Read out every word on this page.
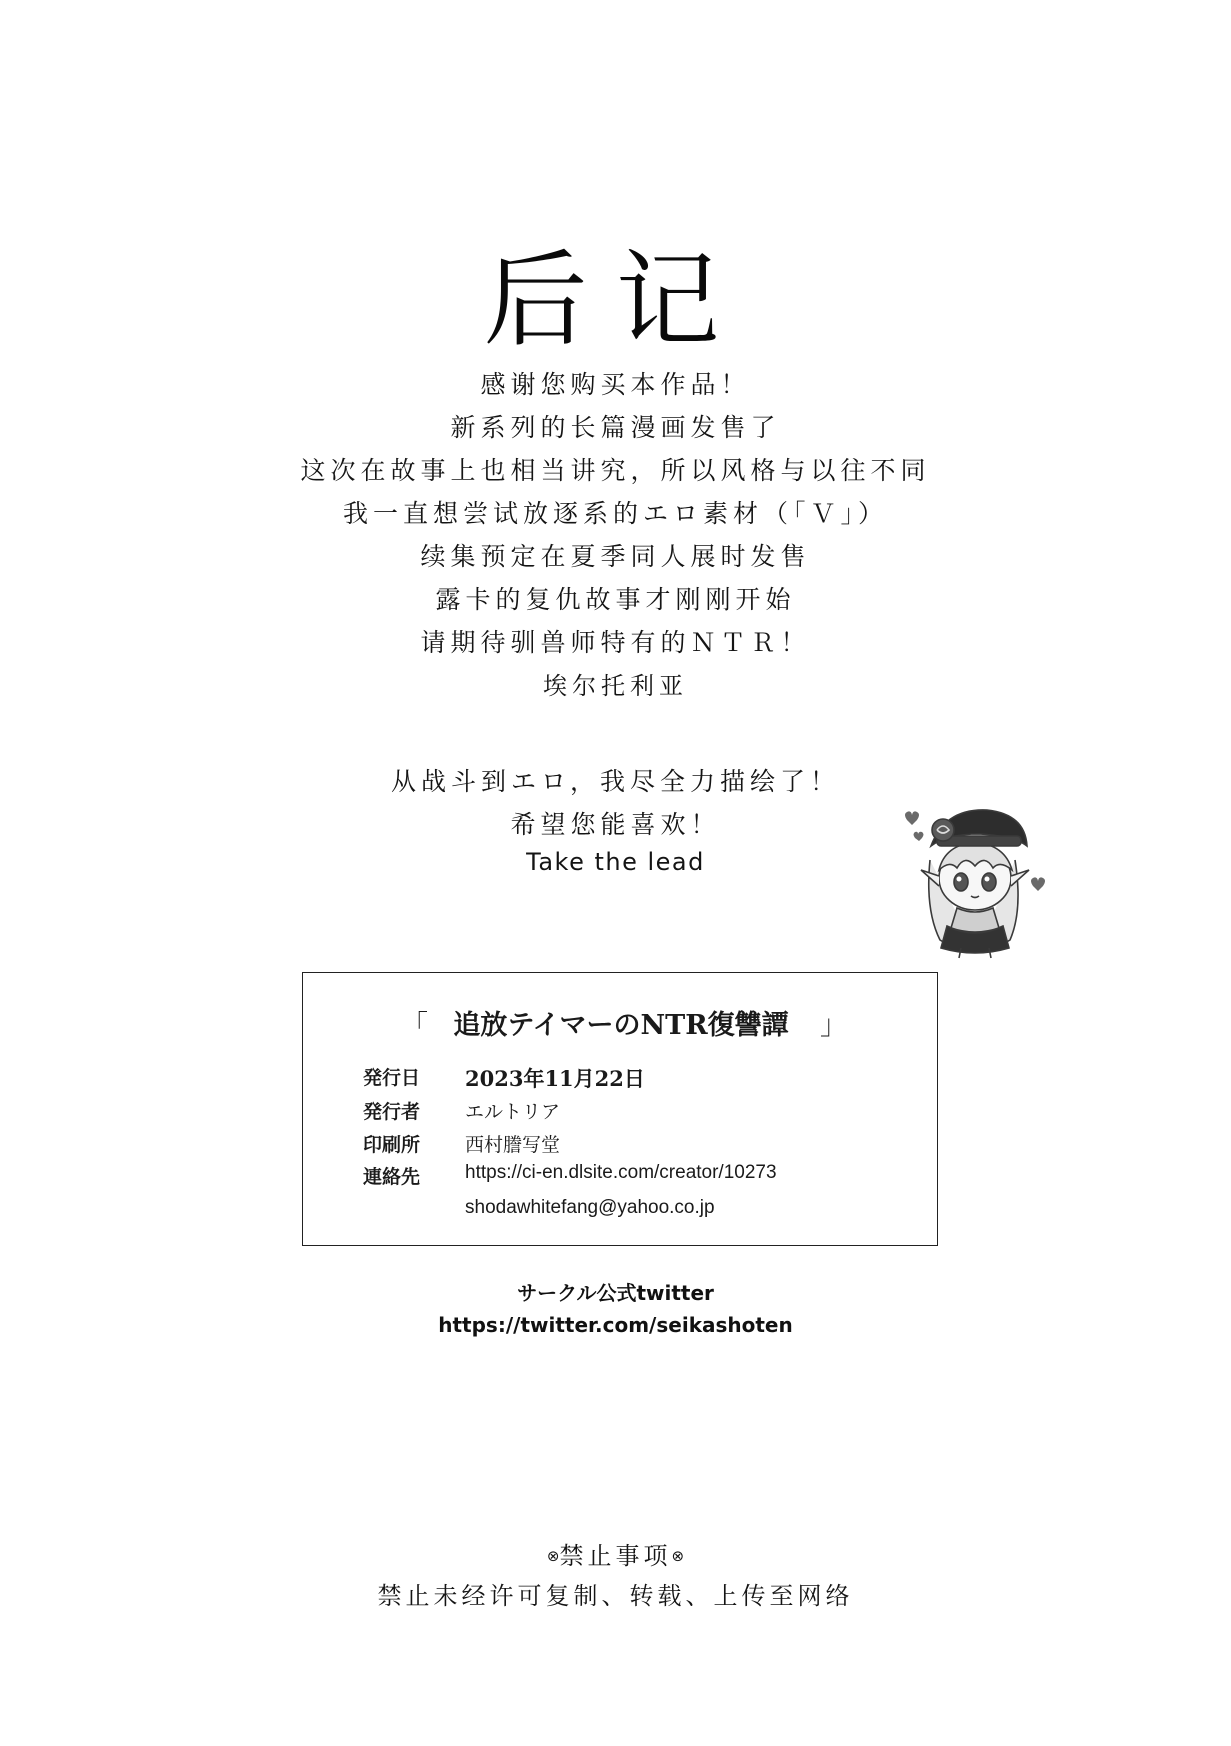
后记
感谢您购买本作品！
新系列的长篇漫画发售了
这次在故事上也相当讲究，所以风格与以往不同
我一直想尝试放逐系的エロ素材（「Ｖ」）
续集预定在夏季同人展时发售
露卡的复仇故事才刚刚开始
请期待驯兽师特有的ＮＴＲ！
埃尔托利亚
从战斗到エロ，我尽全力描绘了！
希望您能喜欢！
Take the lead
「 追放テイマーのNTR復讐譚 」
発行日 2023年11月22日
発行者 エルトリア
印刷所 西村謄写堂
連絡先 https://ci-en.dlsite.com/creator/10273
shodawhitefang@yahoo.co.jp
サークル公式twitter
https://twitter.com/seikashoten
⊗禁止事项⊗
禁止未经许可复制、转载、上传至网络
